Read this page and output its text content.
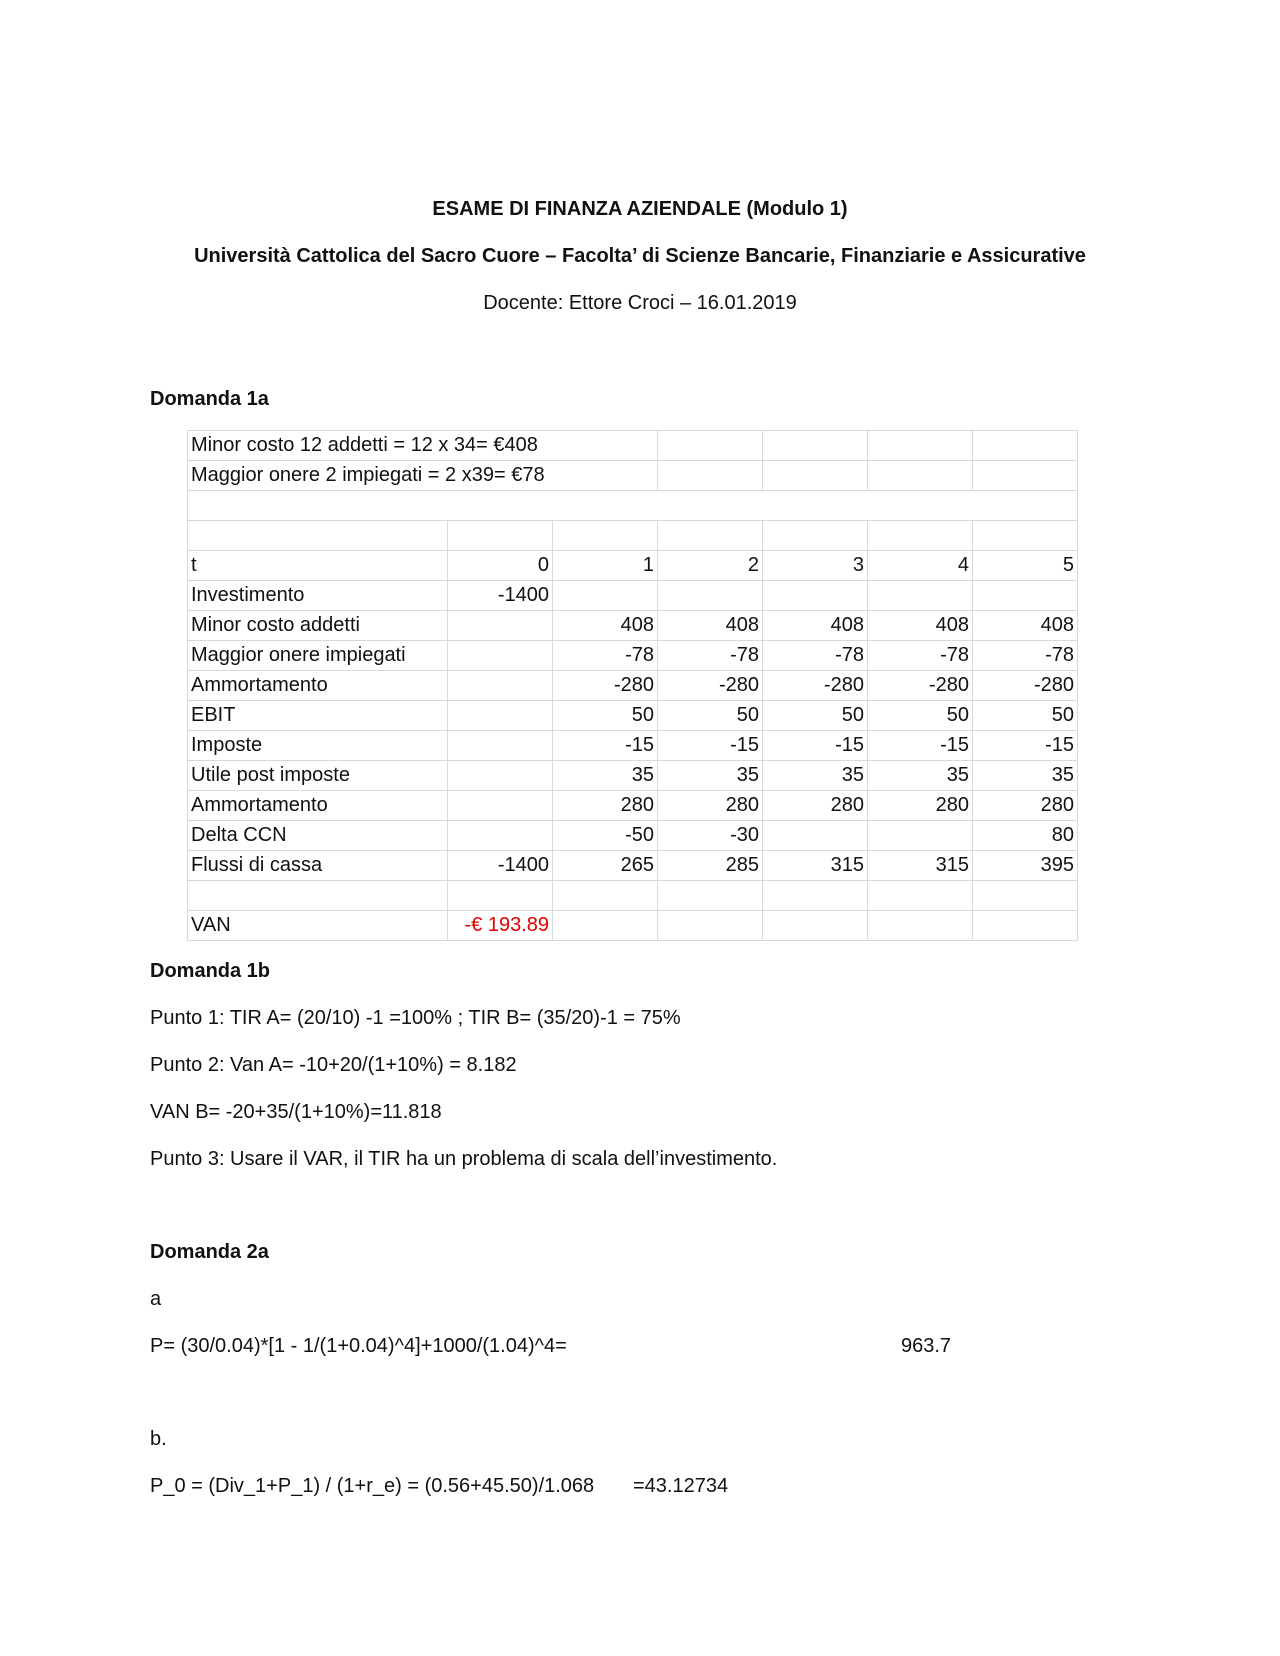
ESAME DI FINANZA AZIENDALE (Modulo 1)
Università Cattolica del Sacro Cuore – Facolta’ di Scienze Bancarie, Finanziarie e Assicurative
Docente: Ettore Croci – 16.01.2019
Domanda 1a
Minor costo 12 addetti = 12 x 34= €408						
Maggior onere 2 impiegati = 2 x39= €78						

t	0	1	2	3	4	5
Investimento	-1400					
Minor costo addetti		408	408	408	408	408
Maggior onere impiegati		-78	-78	-78	-78	-78
Ammortamento		-280	-280	-280	-280	-280
EBIT		50	50	50	50	50
Imposte		-15	-15	-15	-15	-15
Utile post imposte		35	35	35	35	35
Ammortamento		280	280	280	280	280
Delta CCN		-50	-30			80
Flussi di cassa	-1400	265	285	315	315	395

VAN	-€ 193.89					
Domanda 1b
Punto 1: TIR A= (20/10) -1 =100% ; TIR B= (35/20)-1 = 75%
Punto 2: Van A= -10+20/(1+10%) = 8.182
VAN B= -20+35/(1+10%)=11.818
Punto 3: Usare il VAR, il TIR ha un problema di scala dell’investimento.
Domanda 2a
a
P= (30/0.04)*[1 - 1/(1+0.04)^4]+1000/(1.04)^4=	963.7
b.
P_0 = (Div_1+P_1) / (1+r_e) = (0.56+45.50)/1.068 =43.12734
